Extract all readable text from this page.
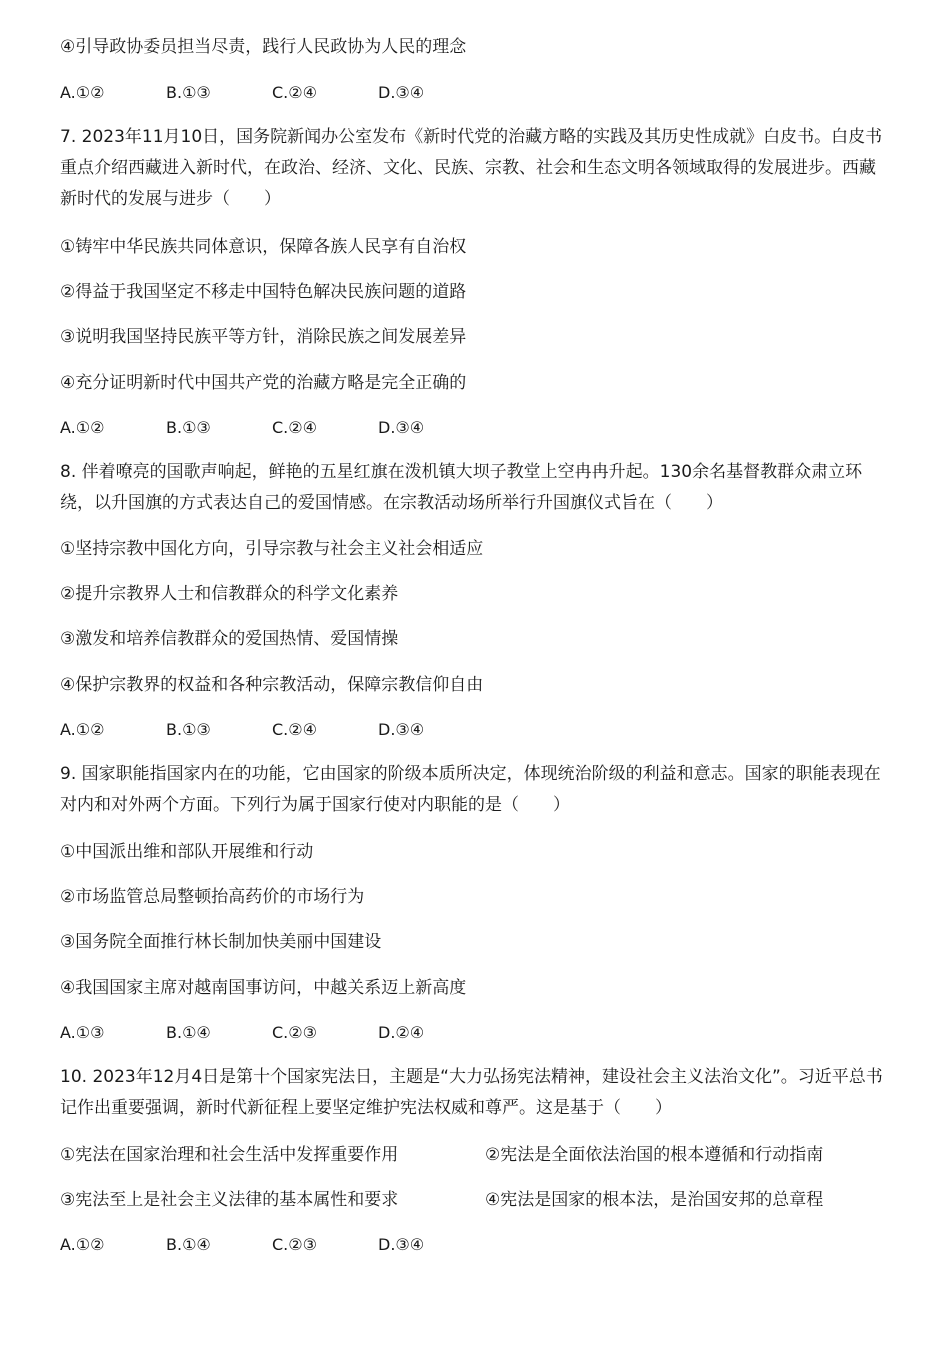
④引导政协委员担当尽责，践行人民政协为人民的理念
A.①②	B.①③	C.②④	D.③④
7. 2023年11月10日，国务院新闻办公室发布《新时代党的治藏方略的实践及其历史性成就》白皮书。白皮书重点介绍西藏进入新时代，在政治、经济、文化、民族、宗教、社会和生态文明各领域取得的发展进步。西藏新时代的发展与进步（　　）
①铸牢中华民族共同体意识，保障各族人民享有自治权
②得益于我国坚定不移走中国特色解决民族问题的道路
③说明我国坚持民族平等方针，消除民族之间发展差异
④充分证明新时代中国共产党的治藏方略是完全正确的
A.①②	B.①③	C.②④	D.③④
8. 伴着嘹亮的国歌声响起，鲜艳的五星红旗在泼机镇大坝子教堂上空冉冉升起。130余名基督教群众肃立环绕，以升国旗的方式表达自己的爱国情感。在宗教活动场所举行升国旗仪式旨在（　　）
①坚持宗教中国化方向，引导宗教与社会主义社会相适应
②提升宗教界人士和信教群众的科学文化素养
③激发和培养信教群众的爱国热情、爱国情操
④保护宗教界的权益和各种宗教活动，保障宗教信仰自由
A.①②	B.①③	C.②④	D.③④
9. 国家职能指国家内在的功能，它由国家的阶级本质所决定，体现统治阶级的利益和意志。国家的职能表现在对内和对外两个方面。下列行为属于国家行使对内职能的是（　　）
①中国派出维和部队开展维和行动
②市场监管总局整顿抬高药价的市场行为
③国务院全面推行林长制加快美丽中国建设
④我国国家主席对越南国事访问，中越关系迈上新高度
A.①③	B.①④	C.②③	D.②④
10. 2023年12月4日是第十个国家宪法日，主题是“大力弘扬宪法精神，建设社会主义法治文化”。习近平总书记作出重要强调，新时代新征程上要坚定维护宪法权威和尊严。这是基于（　　）
①宪法在国家治理和社会生活中发挥重要作用	②宪法是全面依法治国的根本遵循和行动指南
③宪法至上是社会主义法律的基本属性和要求	④宪法是国家的根本法，是治国安邦的总章程
A.①②	B.①④	C.②③	D.③④
